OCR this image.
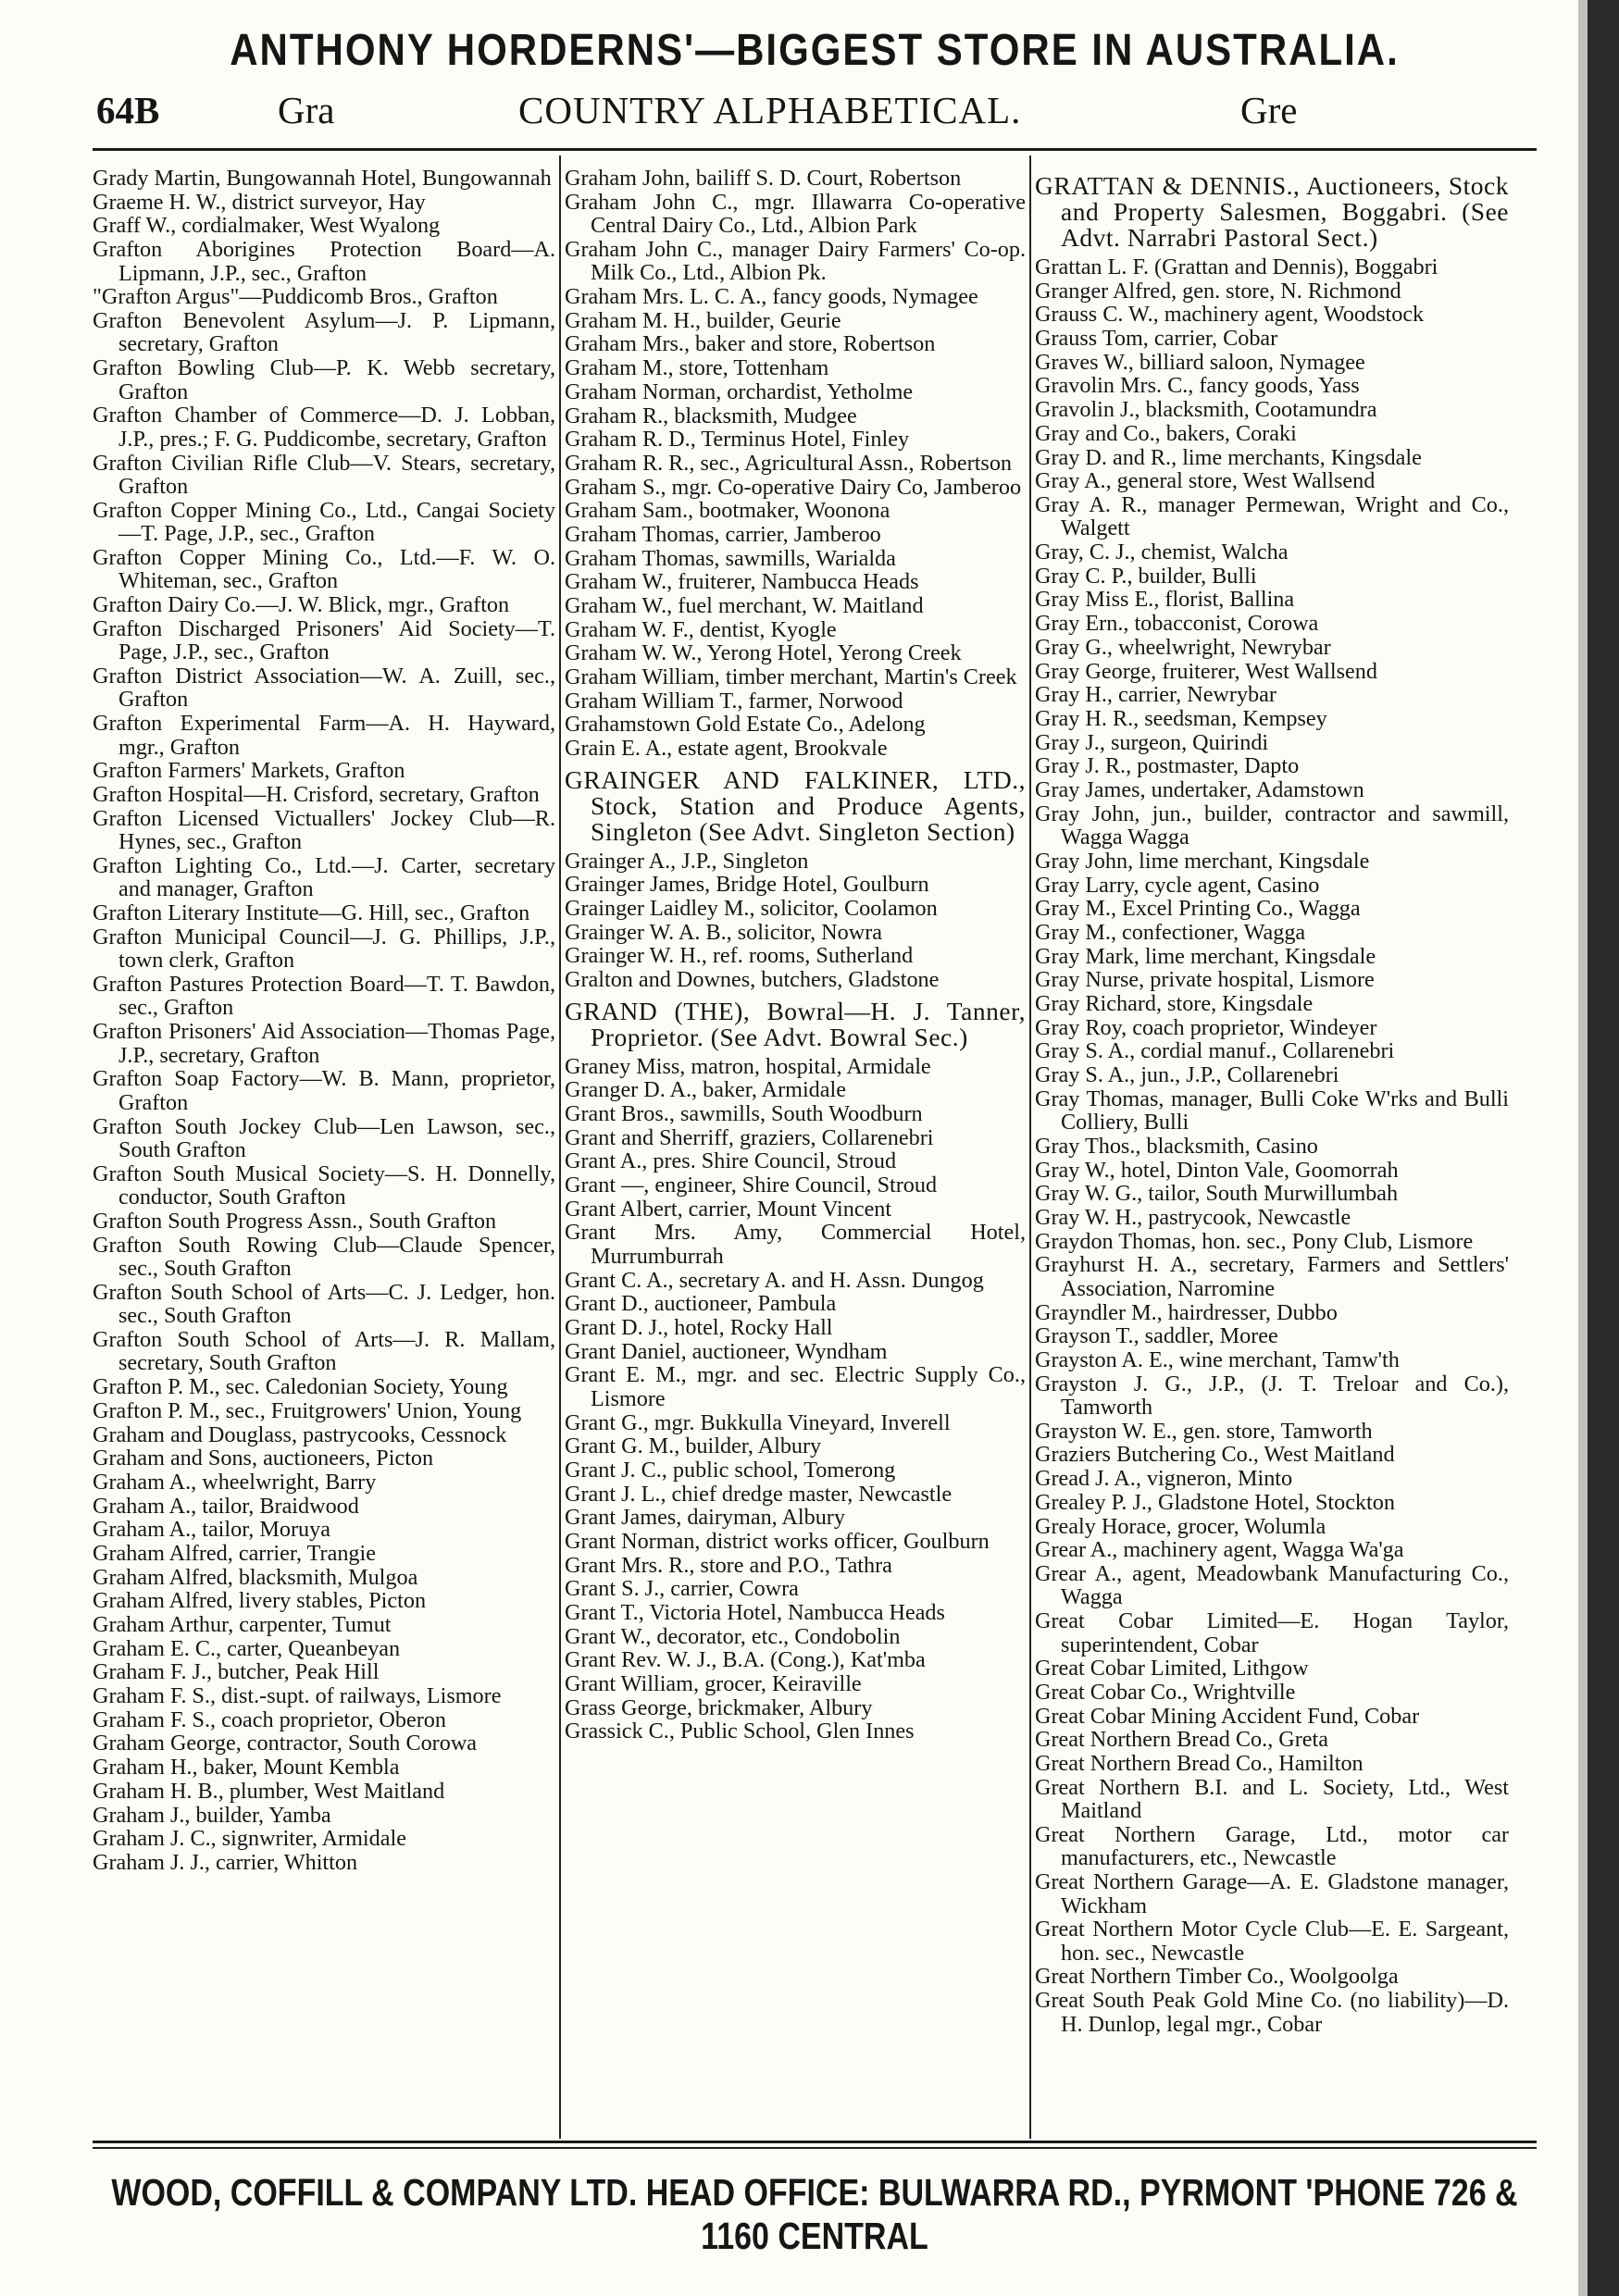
ANTHONY HORDERNS'—BIGGEST STORE IN AUSTRALIA.
64B	Gra	COUNTRY ALPHABETICAL.	Gre
Grady Martin, Bungowannah Hotel, Bungowannah
Graeme H. W., district surveyor, Hay
Graff W., cordialmaker, West Wyalong
Grafton Aborigines Protection Board—A. Lipmann, J.P., sec., Grafton
"Grafton Argus"—Puddicomb Bros., Grafton
Grafton Benevolent Asylum—J. P. Lipmann, secretary, Grafton
Grafton Bowling Club—P. K. Webb secretary, Grafton
Grafton Chamber of Commerce—D. J. Lobban, J.P., pres.; F. G. Puddicombe, secretary, Grafton
Grafton Civilian Rifle Club—V. Stears, secretary, Grafton
Grafton Copper Mining Co., Ltd., Cangai Society—T. Page, J.P., sec., Grafton
Grafton Copper Mining Co., Ltd.—F. W. O. Whiteman, sec., Grafton
Grafton Dairy Co.—J. W. Blick, mgr., Grafton
Grafton Discharged Prisoners' Aid Society—T. Page, J.P., sec., Grafton
Grafton District Association—W. A. Zuill, sec., Grafton
Grafton Experimental Farm—A. H. Hayward, mgr., Grafton
Grafton Farmers' Markets, Grafton
Grafton Hospital—H. Crisford, secretary, Grafton
Grafton Licensed Victuallers' Jockey Club—R. Hynes, sec., Grafton
Grafton Lighting Co., Ltd.—J. Carter, secretary and manager, Grafton
Grafton Literary Institute—G. Hill, sec., Grafton
Grafton Municipal Council—J. G. Phillips, J.P., town clerk, Grafton
Grafton Pastures Protection Board—T. T. Bawdon, sec., Grafton
Grafton Prisoners' Aid Association—Thomas Page, J.P., secretary, Grafton
Grafton Soap Factory—W. B. Mann, proprietor, Grafton
Grafton South Jockey Club—Len Lawson, sec., South Grafton
Grafton South Musical Society—S. H. Donnelly, conductor, South Grafton
Grafton South Progress Assn., South Grafton
Grafton South Rowing Club—Claude Spencer, sec., South Grafton
Grafton South School of Arts—C. J. Ledger, hon. sec., South Grafton
Grafton South School of Arts—J. R. Mallam, secretary, South Grafton
Grafton P. M., sec. Caledonian Society, Young
Grafton P. M., sec., Fruitgrowers' Union, Young
Graham and Douglass, pastrycooks, Cessnock
Graham and Sons, auctioneers, Picton
Graham A., wheelwright, Barry
Graham A., tailor, Braidwood
Graham A., tailor, Moruya
Graham Alfred, carrier, Trangie
Graham Alfred, blacksmith, Mulgoa
Graham Alfred, livery stables, Picton
Graham Arthur, carpenter, Tumut
Graham E. C., carter, Queanbeyan
Graham F. J., butcher, Peak Hill
Graham F. S., dist.-supt. of railways, Lismore
Graham F. S., coach proprietor, Oberon
Graham George, contractor, South Corowa
Graham H., baker, Mount Kembla
Graham H. B., plumber, West Maitland
Graham J., builder, Yamba
Graham J. C., signwriter, Armidale
Graham J. J., carrier, Whitton
Graham John, bailiff S. D. Court, Robertson
Graham John C., mgr. Illawarra Co-operative Central Dairy Co., Ltd., Albion Park
Graham John C., manager Dairy Farmers' Co-op. Milk Co., Ltd., Albion Pk.
Graham Mrs. L. C. A., fancy goods, Nymagee
Graham M. H., builder, Geurie
Graham Mrs., baker and store, Robertson
Graham M., store, Tottenham
Graham Norman, orchardist, Yetholme
Graham R., blacksmith, Mudgee
Graham R. D., Terminus Hotel, Finley
Graham R. R., sec., Agricultural Assn., Robertson
Graham S., mgr. Co-operative Dairy Co, Jamberoo
Graham Sam., bootmaker, Woonona
Graham Thomas, carrier, Jamberoo
Graham Thomas, sawmills, Warialda
Graham W., fruiterer, Nambucca Heads
Graham W., fuel merchant, W. Maitland
Graham W. F., dentist, Kyogle
Graham W. W., Yerong Hotel, Yerong Creek
Graham William, timber merchant, Martin's Creek
Graham William T., farmer, Norwood
Grahamstown Gold Estate Co., Adelong
Grain E. A., estate agent, Brookvale
GRAINGER AND FALKINER, LTD., Stock, Station and Produce Agents, Singleton (See Advt. Singleton Section)
Grainger A., J.P., Singleton
Grainger James, Bridge Hotel, Goulburn
Grainger Laidley M., solicitor, Coolamon
Grainger W. A. B., solicitor, Nowra
Grainger W. H., ref. rooms, Sutherland
Gralton and Downes, butchers, Gladstone
GRAND (THE), Bowral—H. J. Tanner, Proprietor. (See Advt. Bowral Sec.)
Graney Miss, matron, hospital, Armidale
Granger D. A., baker, Armidale
Grant Bros., sawmills, South Woodburn
Grant and Sherriff, graziers, Collarenebri
Grant A., pres. Shire Council, Stroud
Grant —, engineer, Shire Council, Stroud
Grant Albert, carrier, Mount Vincent
Grant Mrs. Amy, Commercial Hotel, Murrumburrah
Grant C. A., secretary A. and H. Assn. Dungog
Grant D., auctioneer, Pambula
Grant D. J., hotel, Rocky Hall
Grant Daniel, auctioneer, Wyndham
Grant E. M., mgr. and sec. Electric Supply Co., Lismore
Grant G., mgr. Bukkulla Vineyard, Inverell
Grant G. M., builder, Albury
Grant J. C., public school, Tomerong
Grant J. L., chief dredge master, Newcastle
Grant James, dairyman, Albury
Grant Norman, district works officer, Goulburn
Grant Mrs. R., store and P.O., Tathra
Grant S. J., carrier, Cowra
Grant T., Victoria Hotel, Nambucca Heads
Grant W., decorator, etc., Condobolin
Grant Rev. W. J., B.A. (Cong.), Kat'mba
Grant William, grocer, Keiraville
Grass George, brickmaker, Albury
Grassick C., Public School, Glen Innes
GRATTAN & DENNIS., Auctioneers, Stock and Property Salesmen, Boggabri. (See Advt. Narrabri Pastoral Sect.)
Grattan L. F. (Grattan and Dennis), Boggabri
Granger Alfred, gen. store, N. Richmond
Grauss C. W., machinery agent, Woodstock
Grauss Tom, carrier, Cobar
Graves W., billiard saloon, Nymagee
Gravolin Mrs. C., fancy goods, Yass
Gravolin J., blacksmith, Cootamundra
Gray and Co., bakers, Coraki
Gray D. and R., lime merchants, Kingsdale
Gray A., general store, West Wallsend
Gray A. R., manager Permewan, Wright and Co., Walgett
Gray, C. J., chemist, Walcha
Gray C. P., builder, Bulli
Gray Miss E., florist, Ballina
Gray Ern., tobacconist, Corowa
Gray G., wheelwright, Newrybar
Gray George, fruiterer, West Wallsend
Gray H., carrier, Newrybar
Gray H. R., seedsman, Kempsey
Gray J., surgeon, Quirindi
Gray J. R., postmaster, Dapto
Gray James, undertaker, Adamstown
Gray John, jun., builder, contractor and sawmill, Wagga Wagga
Gray John, lime merchant, Kingsdale
Gray Larry, cycle agent, Casino
Gray M., Excel Printing Co., Wagga
Gray M., confectioner, Wagga
Gray Mark, lime merchant, Kingsdale
Gray Nurse, private hospital, Lismore
Gray Richard, store, Kingsdale
Gray Roy, coach proprietor, Windeyer
Gray S. A., cordial manuf., Collarenebri
Gray S. A., jun., J.P., Collarenebri
Gray Thomas, manager, Bulli Coke W'rks and Bulli Colliery, Bulli
Gray Thos., blacksmith, Casino
Gray W., hotel, Dinton Vale, Goomorrah
Gray W. G., tailor, South Murwillumbah
Gray W. H., pastrycook, Newcastle
Graydon Thomas, hon. sec., Pony Club, Lismore
Grayhurst H. A., secretary, Farmers and Settlers' Association, Narromine
Grayndler M., hairdresser, Dubbo
Grayson T., saddler, Moree
Grayston A. E., wine merchant, Tamw'th
Grayston J. G., J.P., (J. T. Treloar and Co.), Tamworth
Grayston W. E., gen. store, Tamworth
Graziers Butchering Co., West Maitland
Gread J. A., vigneron, Minto
Grealey P. J., Gladstone Hotel, Stockton
Grealy Horace, grocer, Wolumla
Grear A., machinery agent, Wagga Wa'ga
Grear A., agent, Meadowbank Manufacturing Co., Wagga
Great Cobar Limited—E. Hogan Taylor, superintendent, Cobar
Great Cobar Limited, Lithgow
Great Cobar Co., Wrightville
Great Cobar Mining Accident Fund, Cobar
Great Northern Bread Co., Greta
Great Northern Bread Co., Hamilton
Great Northern B.I. and L. Society, Ltd., West Maitland
Great Northern Garage, Ltd., motor car manufacturers, etc., Newcastle
Great Northern Garage—A. E. Gladstone manager, Wickham
Great Northern Motor Cycle Club—E. E. Sargeant, hon. sec., Newcastle
Great Northern Timber Co., Woolgoolga
Great South Peak Gold Mine Co. (no liability)—D. H. Dunlop, legal mgr., Cobar
WOOD, COFFILL & COMPANY LTD. HEAD OFFICE: BULWARRA RD., PYRMONT 'PHONE 726 & 1160 CENTRAL
